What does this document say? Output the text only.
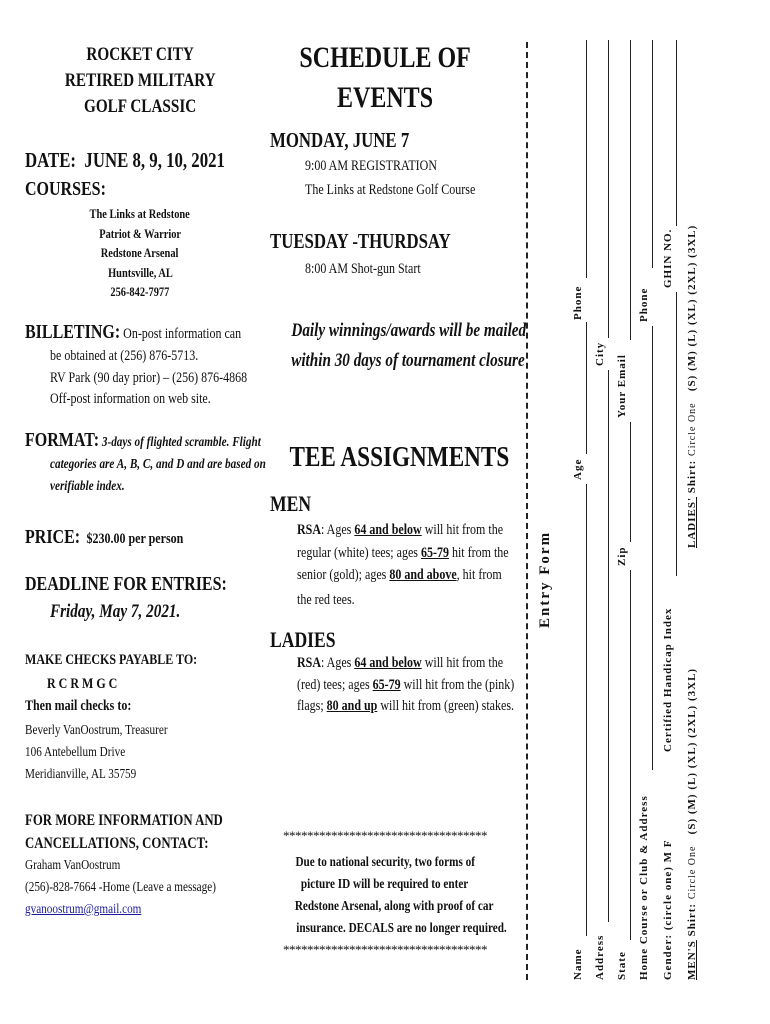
ROCKET CITY
RETIRED MILITARY
GOLF CLASSIC
DATE: JUNE 8, 9, 10, 2021
COURSES:
The Links at Redstone
Patriot & Warrior
Redstone Arsenal
Huntsville, AL
256-842-7977
BILLETING: On-post information can
be obtained at (256) 876-5713.
RV Park (90 day prior) – (256) 876-4868
Off-post information on web site.
FORMAT: 3-days of flighted scramble. Flight
categories are A, B, C, and D and are based on
verifiable index.
PRICE: $230.00 per person
DEADLINE FOR ENTRIES:
Friday, May 7, 2021.
MAKE CHECKS PAYABLE TO:
R C R M G C
Then mail checks to:
Beverly VanOostrum, Treasurer
106 Antebellum Drive
Meridianville, AL 35759
FOR MORE INFORMATION AND
CANCELLATIONS, CONTACT:
Graham VanOostrum
(256)-828-7664 -Home (Leave a message)
gvanoostrum@gmail.com
SCHEDULE OF
EVENTS
MONDAY, JUNE 7
9:00 AM REGISTRATION
The Links at Redstone Golf Course
TUESDAY -THURDSAY
8:00 AM Shot-gun Start
Daily winnings/awards will be mailed
within 30 days of tournament closure
TEE ASSIGNMENTS
MEN
RSA: Ages 64 and below will hit from the
regular (white) tees; ages 65-79 hit from the
senior (gold); ages 80 and above, hit from
the red tees.
LADIES
RSA: Ages 64 and below will hit from the
(red) tees; ages 65-79 will hit from the (pink)
flags; 80 and up will hit from (green) stakes.
**********************************
Due to national security, two forms of
picture ID will be required to enter
Redstone Arsenal, along with proof of car
insurance. DECALS are no longer required.
**********************************
Entry Form
Name
Age
Phone
Address
City
State
Zip
Your Email
Home Course or Club & Address
Phone
Gender: (circle one) M F
Certified Handicap Index
GHIN NO.
MEN'S Shirt: Circle One   (S) (M) (L) (XL) (2XL) (3XL)
LADIES' Shirt: Circle One   (S) (M) (L) (XL) (2XL) (3XL)
